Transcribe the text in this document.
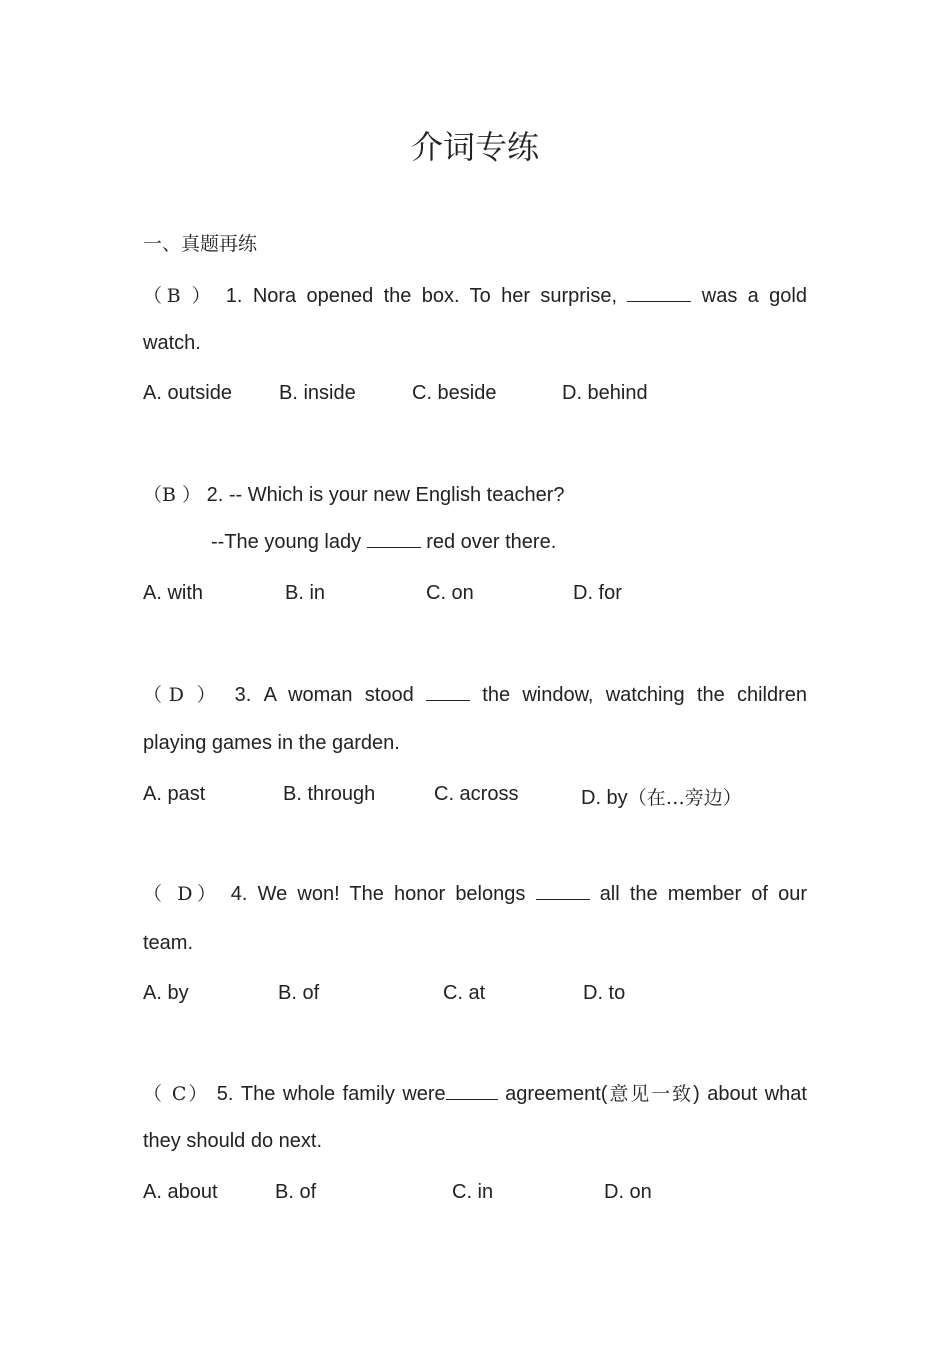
介词专练
一、真题再练
（B ） 1. Nora opened the box. To her surprise,	was a gold
watch.
A. outside B. inside	C. beside	D. behind
（B ） 2. -- Which is your new English teacher?
--The young lady	red over there.
A. with	B. in	C. on	D. for
（D ） 3. A woman stood	the window, watching the children
playing games in the garden.
A. past	B. through	C. across	D. by（在…旁边）
（ D） 4. We won! The honor belongs	all the member of our
team.
A. by	B. of	C. at	D. to
（ C） 5. The whole family were	agreement(意见一致) about what
they should do next.
A. about	B. of	C. in	D. on
